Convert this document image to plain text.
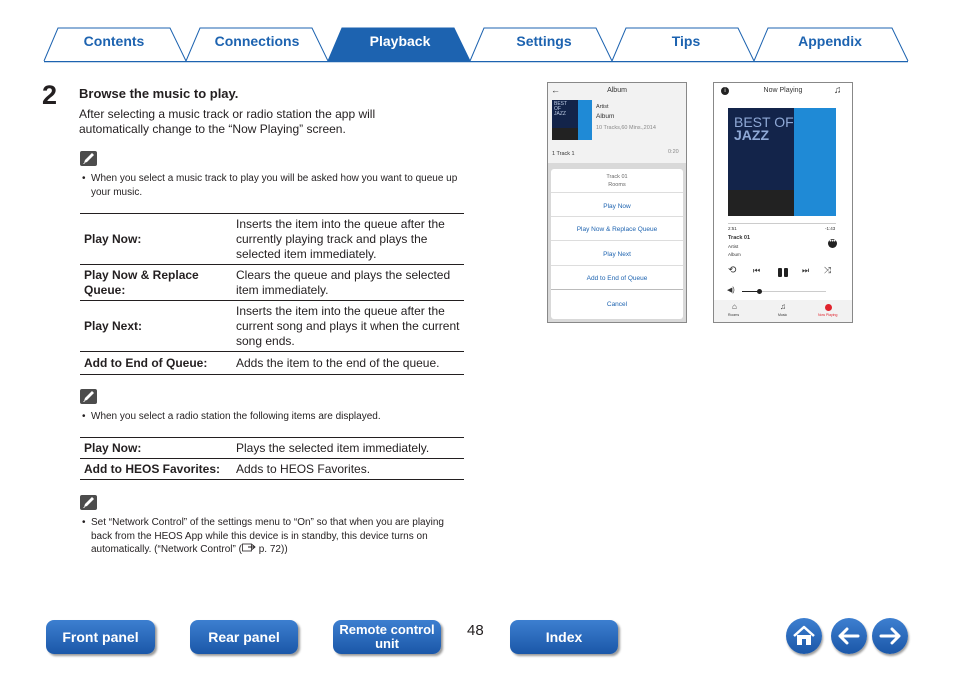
Contents	Connections	Playback	Settings	Tips	Appendix
2 Browse the music to play.
After selecting a music track or radio station the app will automatically change to the “Now Playing” screen.
• When you select a music track to play you will be asked how you want to queue up your music.
Play Now:	Inserts the item into the queue after the currently playing track and plays the selected item immediately.
Play Now & Replace Queue:	Clears the queue and plays the selected item immediately.
Play Next:	Inserts the item into the queue after the current song and plays it when the current song ends.
Add to End of Queue:	Adds the item to the end of the queue.
• When you select a radio station the following items are displayed.
Play Now:	Plays the selected item immediately.
Add to HEOS Favorites:	Adds to HEOS Favorites.
• Set “Network Control” of the settings menu to “On” so that when you are playing back from the HEOS App while this device is in standby, this device turns on automatically. (“Network Control” ( p. 72))
←	Album
BEST OF JAZZ
Artist
Album
10 Tracks,60 Mins.,2014
1 Track 1	0:20
Track 01
Rooms
Play Now
Play Now & Replace Queue
Play Next
Add to End of Queue
Cancel
i	Now Playing	♫
BEST OF
JAZZ
2:51	-1:43
Track 01
Artist
Album
•••
⟲ ⏮	⏭ ⤨
◀)
⌂
Rooms
♫
Music	Now Playing
Front panel	Rear panel	Remote control
unit
48	Index
